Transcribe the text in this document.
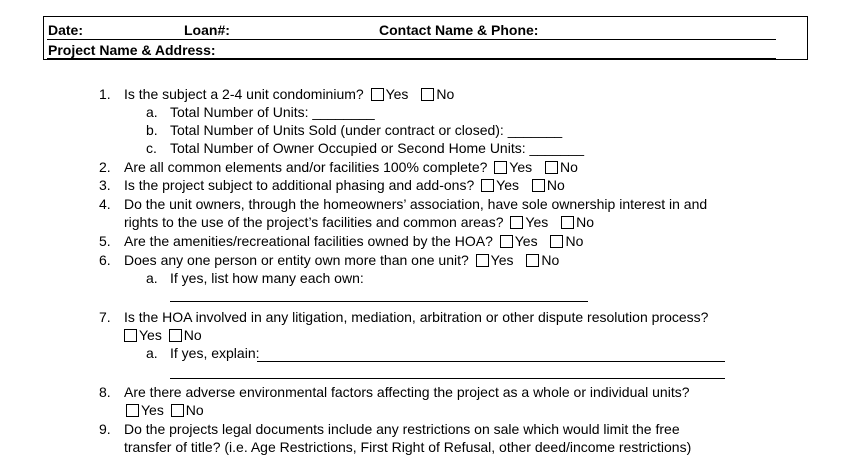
Date:	Loan#:	Contact Name & Phone:
Project Name & Address:
1. Is the subject a 2-4 unit condominium? Yes No
a. Total Number of Units: ________
b. Total Number of Units Sold (under contract or closed): _______
c. Total Number of Owner Occupied or Second Home Units: _______
2. Are all common elements and/or facilities 100% complete? Yes No
3. Is the project subject to additional phasing and add-ons? Yes No
4. Do the unit owners, through the homeowners’ association, have sole ownership interest in and
rights to the use of the project’s facilities and common areas? Yes No
5. Are the amenities/recreational facilities owned by the HOA? Yes No
6. Does any one person or entity own more than one unit? Yes No
a. If yes, list how many each own:
7. Is the HOA involved in any litigation, mediation, arbitration or other dispute resolution process?
Yes No
a. If yes, explain:
8. Are there adverse environmental factors affecting the project as a whole or individual units?
Yes No
9. Do the projects legal documents include any restrictions on sale which would limit the free
transfer of title? (i.e. Age Restrictions, First Right of Refusal, other deed/income restrictions)
